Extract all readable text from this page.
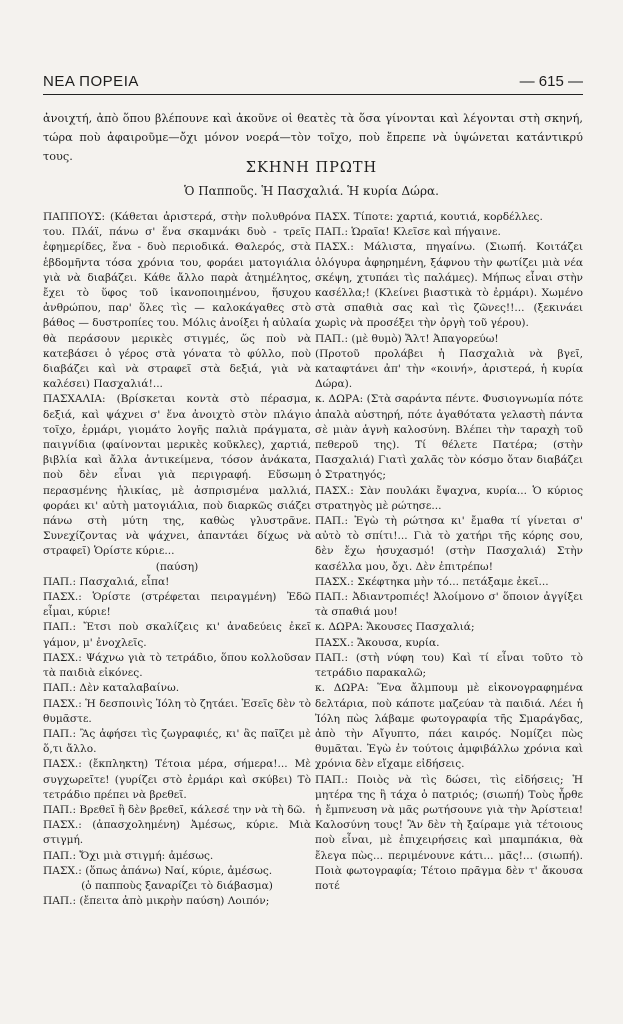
ΝΕΑ ΠΟΡΕΙΑ	— 615 —

ἀνοιχτή, ἀπὸ ὅπου βλέπουνε καὶ ἀκοῦνε οἱ θεατὲς τὰ ὅσα γίνονται καὶ λέγονται στὴ σκηνή, τώρα ποὺ ἀφαιροῦμε—ὄχι μόνον νοερά—τὸν τοῖχο, ποὺ ἔπρεπε νὰ ὑψώνεται κατάντικρύ τους.

ΣΚΗΝΗ ΠΡΩΤΗ

Ὁ Παπποῦς. Ἡ Πασχαλιά. Ἡ κυρία Δώρα.

ΠΑΠΠΟΥΣ: (Κάθεται ἀριστερά, στὴν πολυθρόνα του. Πλάϊ, πάνω σ' ἕνα σκαμνάκι δυὸ - τρεῖς ἐφημερίδες, ἕνα - δυὸ περιοδικά. Θαλερός, στὰ ἑβδομῆντα τόσα χρόνια του, φοράει ματογιάλια γιὰ νὰ διαβάζει. Κάθε ἄλλο παρὰ ἀτημέλητος, ἔχει τὸ ὕφος τοῦ ἱκανοποιημένου, ἥσυχου ἀνθρώπου, παρ' ὅλες τὶς — καλοκάγαθες στὸ βάθος — δυστροπίες του. Μόλις ἀνοίξει ἡ αὐλαία θὰ περάσουν μερικὲς στιγμές, ὥς ποὺ νὰ κατεβάσει ὁ γέρος στὰ γόνατα τὸ φύλλο, ποὺ διαβάζει καὶ νὰ στραφεῖ στὰ δεξιά, γιὰ νὰ καλέσει) Πασχαλιά!...

ΠΑΣΧΑΛΙΑ: (Βρίσκεται κοντὰ στὸ πέρασμα, δεξιά, καὶ ψάχνει σ' ἕνα ἀνοιχτὸ στὸν πλάγιο τοῖχο, ἐρμάρι, γιομάτο λογῆς παλιὰ πράγματα, παιγνίδια (φαίνονται μερικὲς κοῦκλες), χαρτιά, βιβλία καὶ ἄλλα ἀντικείμενα, τόσον ἀνάκατα, ποὺ δὲν εἶναι γιὰ περιγραφή. Εὔσωμη περασμένης ἡλικίας, μὲ ἀσπρισμένα μαλλιά, φοράει κι' αὐτὴ ματογιάλια, ποὺ διαρκῶς σιάζει πάνω στὴ μύτη της, καθὼς γλυστρᾶνε. Συνεχίζοντας νὰ ψάχνει, ἀπαντάει δίχως νὰ στραφεῖ) Ὁρίστε κύριε...

(παύση)

ΠΑΠ.: Πασχαλιά, εἶπα!

ΠΑΣΧ.: Ὁρίστε (στρέφεται πειραγμένη) Ἐδῶ εἶμαι, κύριε!

ΠΑΠ.: Ἔτσι ποὺ σκαλίζεις κι' ἀναδεύεις ἐκεῖ γάμον, μ' ἐνοχλεῖς.

ΠΑΣΧ.: Ψάχνω γιὰ τὸ τετράδιο, ὅπου κολλοῦσαν τὰ παιδιὰ εἰκόνες.

ΠΑΠ.: Δὲν καταλαβαίνω.

ΠΑΣΧ.: Ἡ δεσποινὶς Ἰόλη τὸ ζητάει. Ἐσεῖς δὲν τὸ θυμᾶστε.

ΠΑΠ.: Ἂς ἀφήσει τὶς ζωγραφιές, κι' ἂς παῖζει μὲ ὅ,τι ἄλλο.

ΠΑΣΧ.: (ἔκπληκτη) Τέτοια μέρα, σήμερα!... Μὲ συγχωρεῖτε! (γυρίζει στὸ ἐρμάρι καὶ σκύβει) Τὸ τετράδιο πρέπει νὰ βρεθεῖ.

ΠΑΠ.: Βρεθεῖ ἢ δὲν βρεθεῖ, κάλεσέ την νὰ τὴ δῶ.

ΠΑΣΧ.: (ἀπασχολημένη) Ἀμέσως, κύριε. Μιὰ στιγμή.

ΠΑΠ.: Ὄχι μιὰ στιγμή: ἀμέσως.

ΠΑΣΧ.: (ὅπως ἀπάνω) Ναί, κύριε, ἀμέσως.

(ὁ παπποὺς ξαναρίζει τὸ διάβασμα)

ΠΑΠ.: (ἔπειτα ἀπὸ μικρὴν παύση) Λοιπόν;

ΠΑΣΧ. Τίποτε: χαρτιά, κουτιά, κορδέλλες.

ΠΑΠ.: Ὡραῖα! Κλεῖσε καὶ πήγαινε.

ΠΑΣΧ.: Μάλιστα, πηγαίνω. (Σιωπή. Κοιτάζει ὁλόγυρα ἀφηρημένη, ξάφνου τὴν φωτίζει μιὰ νέα σκέψη, χτυπάει τὶς παλάμες). Μήπως εἶναι στὴν κασέλλα;! (Κλείνει βιαστικὰ τὸ ἐρμάρι). Χωμένο στὰ σπαθιὰ σας καὶ τὶς ζῶνες!!... (ξεκινάει χωρὶς νὰ προσέξει τὴν ὀργὴ τοῦ γέρου).

ΠΑΠ.: (μὲ θυμὸ) Ἄλτ! Ἀπαγορεύω!

(Προτοῦ προλάβει ἡ Πασχαλιὰ νὰ βγεῖ, καταφτάνει ἀπ' τὴν «κοινή», ἀριστερά, ἡ κυρία Δώρα).

κ. ΔΩΡΑ: (Στὰ σαράντα πέντε. Φυσιογνωμία πότε ἀπαλὰ αὐστηρή, πότε ἀγαθότατα γελαστὴ πάντα σὲ μιὰν ἁγνὴ καλοσύνη. Βλέπει τὴν ταραχὴ τοῦ πεθεροῦ της). Τί θέλετε Πατέρα; (στὴν Πασχαλιά) Γιατὶ χαλᾶς τὸν κόσμο ὅταν διαβάζει ὁ Στρατηγός;

ΠΑΣΧ.: Σὰν πουλάκι ἔψαχνα, κυρία... Ὁ κύριος στρατηγὸς μὲ ρώτησε...

ΠΑΠ.: Ἐγὼ τὴ ρώτησα κι' ἔμαθα τί γίνεται σ' αὐτὸ τὸ σπίτι!... Γιὰ τὸ χατήρι τῆς κόρης σου, δὲν ἔχω ἡσυχασμό! (στὴν Πασχαλιά) Στὴν κασέλλα μου, ὄχι. Δὲν ἐπιτρέπω!

ΠΑΣΧ.: Σκέφτηκα μὴν τό... πετάξαμε ἐκεῖ...

ΠΑΠ.: Ἀδιαντροπιές! Ἀλοίμονο σ' ὅποιον ἀγγίξει τὰ σπαθιά μου!

κ. ΔΩΡΑ: Ἄκουσες Πασχαλιά;

ΠΑΣΧ.: Ἄκουσα, κυρία.

ΠΑΠ.: (στὴ νύφη του) Καὶ τί εἶναι τοῦτο τὸ τετράδιο παρακαλῶ;

κ. ΔΩΡΑ: Ἕνα ἄλμπουμ μὲ εἰκονογραφημένα δελτάρια, ποὺ κάποτε μαζεύαν τὰ παιδιά. Λέει ἡ Ἰόλη πὼς λάβαμε φωτογραφία τῆς Σμαράγδας, ἀπὸ τὴν Αἴγυπτο, πάει καιρός. Νομίζει πὼς θυμᾶται. Ἐγὼ ἐν τούτοις ἀμφιβάλλω χρόνια καὶ χρόνια δὲν εἴχαμε εἰδήσεις.

ΠΑΠ.: Ποιὸς νὰ τὶς δώσει, τὶς εἰδήσεις; Ἡ μητέρα της ἢ τάχα ὁ πατριός; (σιωπή) Τοὺς ἦρθε ἡ ἔμπνευση νὰ μᾶς ρωτήσουνε γιὰ τὴν Ἀρίστεια! Καλοσύνη τους! Ἂν δὲν τὴ ξαίραμε γιὰ τέτοιους ποὺ εἶναι, μὲ ἐπιχειρήσεις καὶ μπαμπάκια, θὰ ἔλεγα πὼς... περιμένουνε κάτι... μᾶς!... (σιωπή). Ποιὰ φωτογραφία; Τέτοιο πρᾶγμα δὲν τ' ἄκουσα ποτέ
